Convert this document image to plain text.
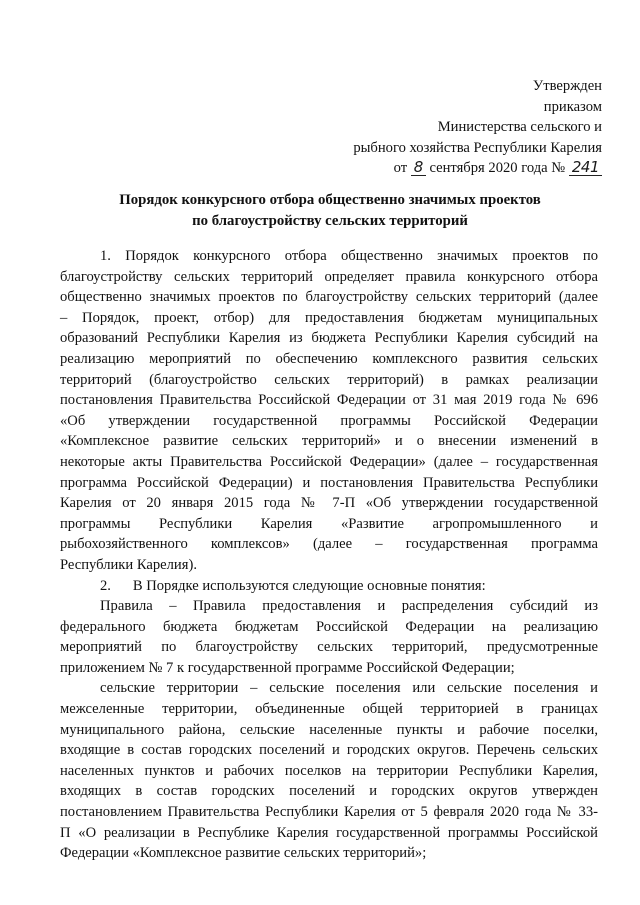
Утвержден
приказом
Министерства сельского и
рыбного хозяйства Республики Карелия
от 8 сентября 2020 года № 241
Порядок конкурсного отбора общественно значимых проектов
по благоустройству сельских территорий
1. Порядок конкурсного отбора общественно значимых проектов по
благоустройству сельских территорий определяет правила конкурсного отбора
общественно значимых проектов по благоустройству сельских территорий (далее
– Порядок, проект, отбор) для предоставления бюджетам муниципальных
образований Республики Карелия из бюджета Республики Карелия субсидий на
реализацию мероприятий по обеспечению комплексного развития сельских
территорий (благоустройство сельских территорий) в рамках реализации
постановления Правительства Российской Федерации от 31 мая 2019 года № 696
«Об утверждении государственной программы Российской Федерации
«Комплексное развитие сельских территорий» и о внесении изменений в
некоторые акты Правительства Российской Федерации» (далее – государственная
программа Российской Федерации) и постановления Правительства Республики
Карелия от 20 января 2015 года № 7-П «Об утверждении государственной
программы Республики Карелия «Развитие агропромышленного и
рыбохозяйственного комплексов» (далее – государственная программа
Республики Карелия).
2.      В Порядке используются следующие основные понятия:
Правила – Правила предоставления и распределения субсидий из
федерального бюджета бюджетам Российской Федерации на реализацию
мероприятий по благоустройству сельских территорий, предусмотренные
приложением № 7 к государственной программе Российской Федерации;
сельские территории – сельские поселения или сельские поселения и
межселенные территории, объединенные общей территорией в границах
муниципального района, сельские населенные пункты и рабочие поселки,
входящие в состав городских поселений и городских округов. Перечень сельских
населенных пунктов и рабочих поселков на территории Республики Карелия,
входящих в состав городских поселений и городских округов утвержден
постановлением Правительства Республики Карелия от 5 февраля 2020 года № 33-
П «О реализации в Республике Карелия государственной программы Российской
Федерации «Комплексное развитие сельских территорий»;
